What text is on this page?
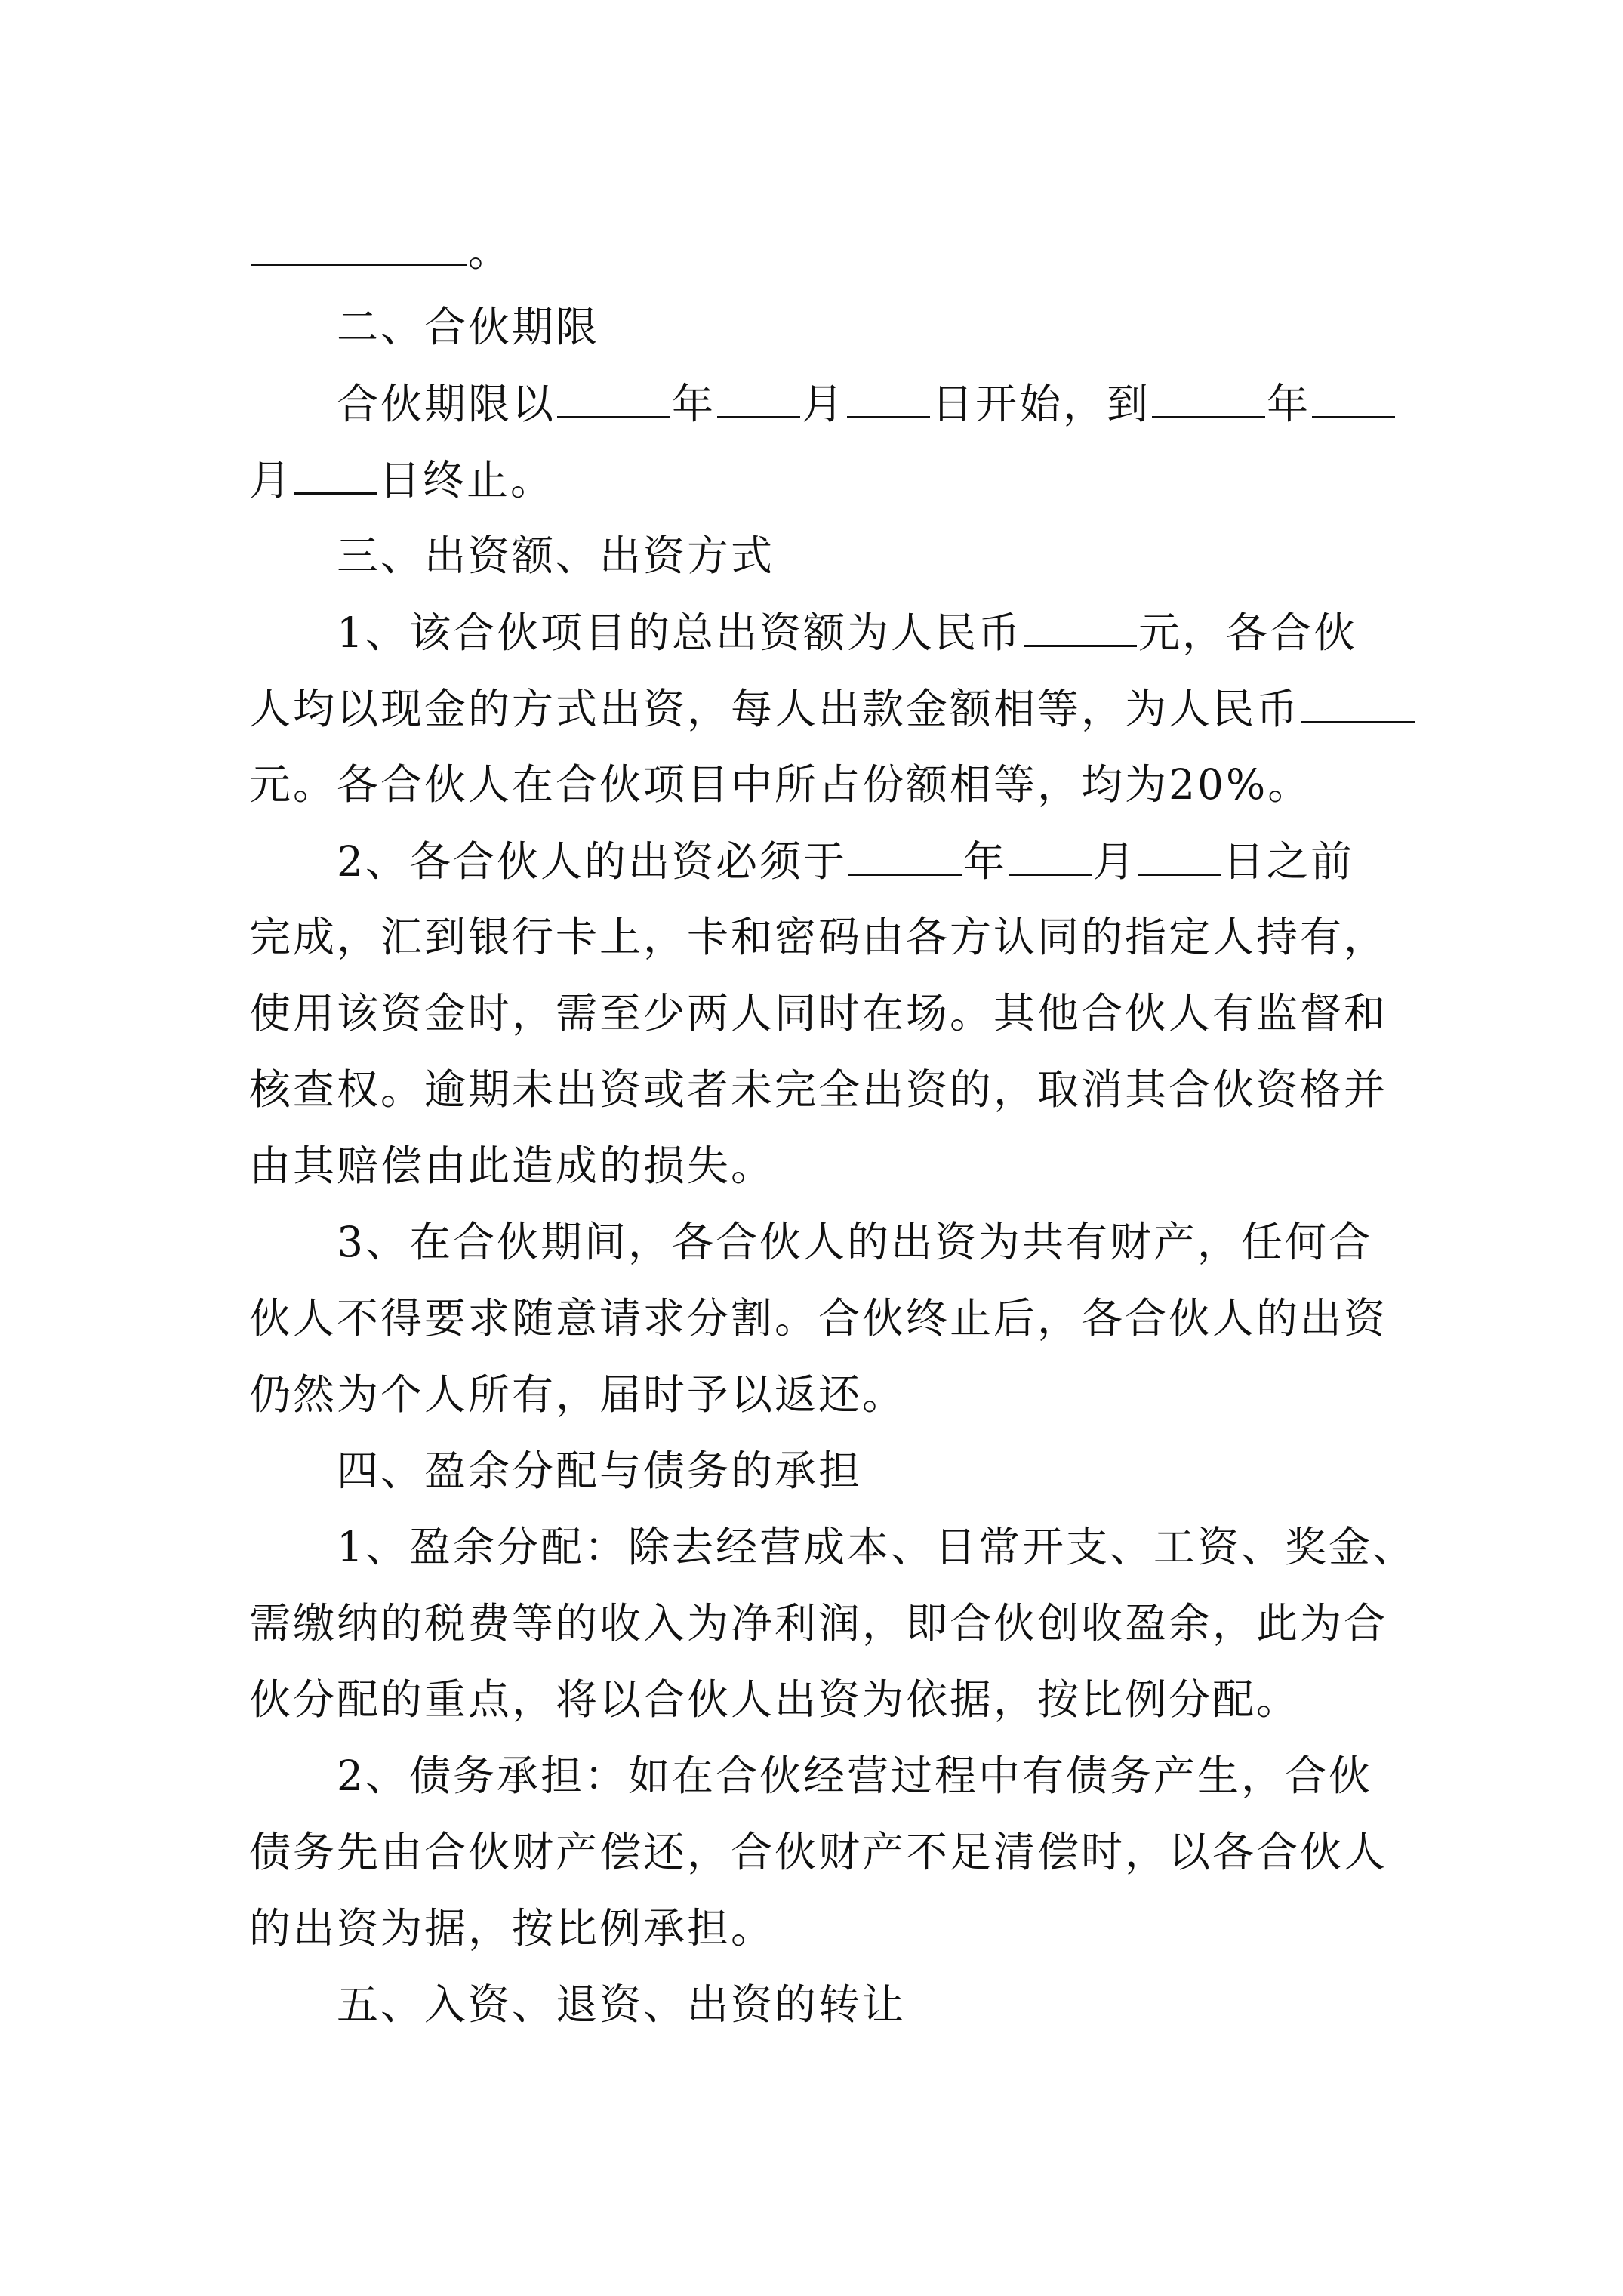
。
二、合伙期限
合伙期限以	年 月 日开始，到	年
月 日终止。
三、出资额、出资方式
1、该合伙项目的总出资额为人民币	元，各合伙
人均以现金的方式出资，每人出款金额相等，为人民币
元。各合伙人在合伙项目中所占份额相等，均为20%。
2、各合伙人的出资必须于	年 月 日之前
完成，汇到银行卡上，卡和密码由各方认同的指定人持有，
使用该资金时，需至少两人同时在场。其他合伙人有监督和
核查权。逾期未出资或者未完全出资的，取消其合伙资格并
由其赔偿由此造成的损失。
3、在合伙期间，各合伙人的出资为共有财产，任何合
伙人不得要求随意请求分割。合伙终止后，各合伙人的出资
仍然为个人所有，届时予以返还。
四、盈余分配与债务的承担
1、盈余分配：除去经营成本、日常开支、工资、奖金、
需缴纳的税费等的收入为净利润，即合伙创收盈余，此为合
伙分配的重点，将以合伙人出资为依据，按比例分配。
2、债务承担：如在合伙经营过程中有债务产生，合伙
债务先由合伙财产偿还，合伙财产不足清偿时，以各合伙人
的出资为据，按比例承担。
五、入资、退资、出资的转让
